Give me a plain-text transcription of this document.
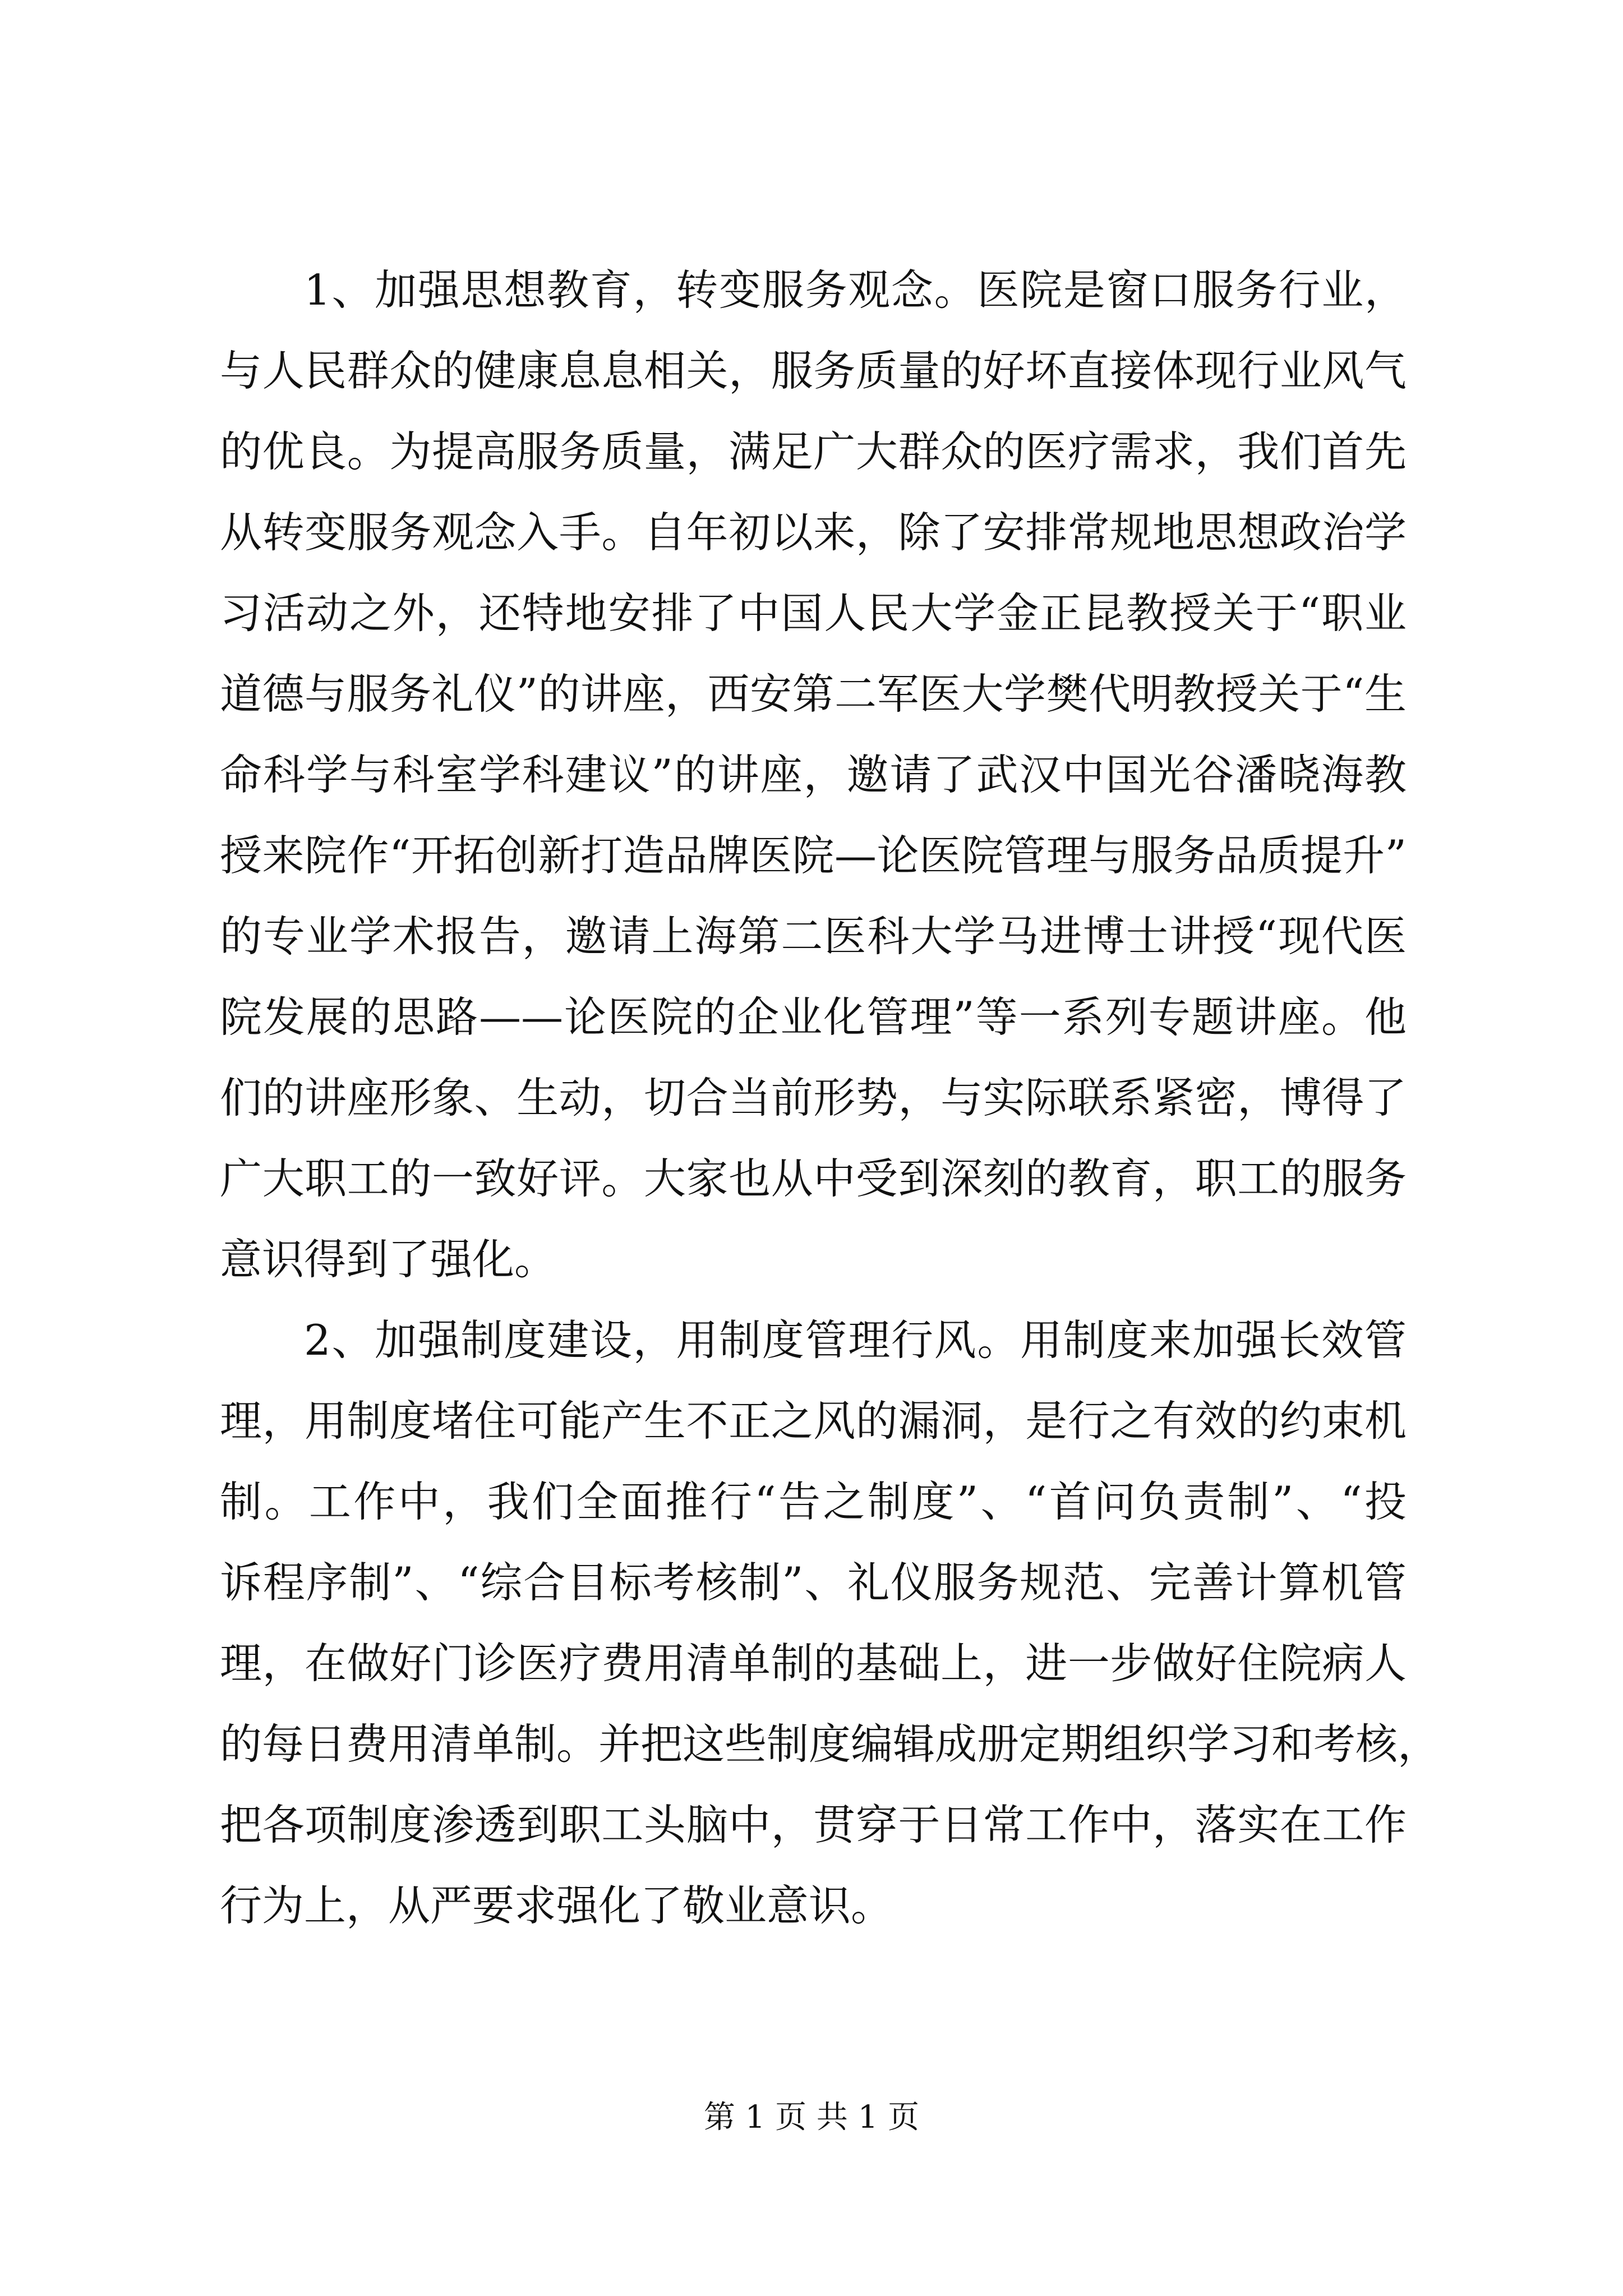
1、加强思想教育，转变服务观念。医院是窗口服务行业，
与人民群众的健康息息相关，服务质量的好坏直接体现行业风气
的优良。为提高服务质量，满足广大群众的医疗需求，我们首先
从转变服务观念入手。自年初以来，除了安排常规地思想政治学
习活动之外，还特地安排了中国人民大学金正昆教授关于“职业
道德与服务礼仪”的讲座，西安第二军医大学樊代明教授关于“生
命科学与科室学科建议”的讲座，邀请了武汉中国光谷潘晓海教
授来院作“开拓创新打造品牌医院—论医院管理与服务品质提升”
的专业学术报告，邀请上海第二医科大学马进博士讲授“现代医
院发展的思路——论医院的企业化管理”等一系列专题讲座。他
们的讲座形象、生动，切合当前形势，与实际联系紧密，博得了
广大职工的一致好评。大家也从中受到深刻的教育，职工的服务
意识得到了强化。
2、加强制度建设，用制度管理行风。用制度来加强长效管
理，用制度堵住可能产生不正之风的漏洞，是行之有效的约束机
制。工作中，我们全面推行“告之制度”、“首问负责制”、“投
诉程序制”、“综合目标考核制”、礼仪服务规范、完善计算机管
理，在做好门诊医疗费用清单制的基础上，进一步做好住院病人
的每日费用清单制。并把这些制度编辑成册定期组织学习和考核，
把各项制度渗透到职工头脑中，贯穿于日常工作中，落实在工作
行为上，从严要求强化了敬业意识。
第 1 页 共 1 页
